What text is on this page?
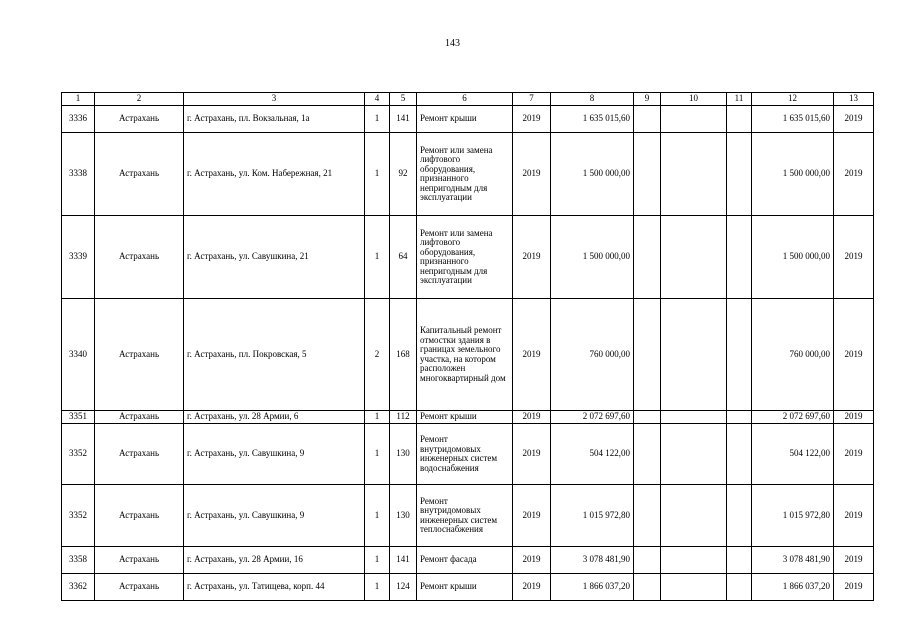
143
1	2	3	4	5	6	7	8	9	10	11	12	13
3336	Астрахань	г. Астрахань, пл. Вокзальная, 1а	1	141	Ремонт крыши	2019	1 635 015,60				1 635 015,60	2019
3338	Астрахань	г. Астрахань, ул. Ком. Набережная, 21	1	92	Ремонт или замена лифтового оборудования, признанного непригодным для эксплуатации	2019	1 500 000,00				1 500 000,00	2019
3339	Астрахань	г. Астрахань, ул. Савушкина, 21	1	64	Ремонт или замена лифтового оборудования, признанного непригодным для эксплуатации	2019	1 500 000,00				1 500 000,00	2019
3340	Астрахань	г. Астрахань, пл. Покровская, 5	2	168	Капитальный ремонт отмостки здания в границах земельного участка, на котором расположен многоквартирный дом	2019	760 000,00				760 000,00	2019
3351	Астрахань	г. Астрахань, ул. 28 Армии, 6	1	112	Ремонт крыши	2019	2 072 697,60				2 072 697,60	2019
3352	Астрахань	г. Астрахань, ул. Савушкина, 9	1	130	Ремонт внутридомовых инженерных систем водоснабжения	2019	504 122,00				504 122,00	2019
3352	Астрахань	г. Астрахань, ул. Савушкина, 9	1	130	Ремонт внутридомовых инженерных систем теплоснабжения	2019	1 015 972,80				1 015 972,80	2019
3358	Астрахань	г. Астрахань, ул. 28 Армии, 16	1	141	Ремонт фасада	2019	3 078 481,90				3 078 481,90	2019
3362	Астрахань	г. Астрахань, ул. Татищева, корп. 44	1	124	Ремонт крыши	2019	1 866 037,20				1 866 037,20	2019
